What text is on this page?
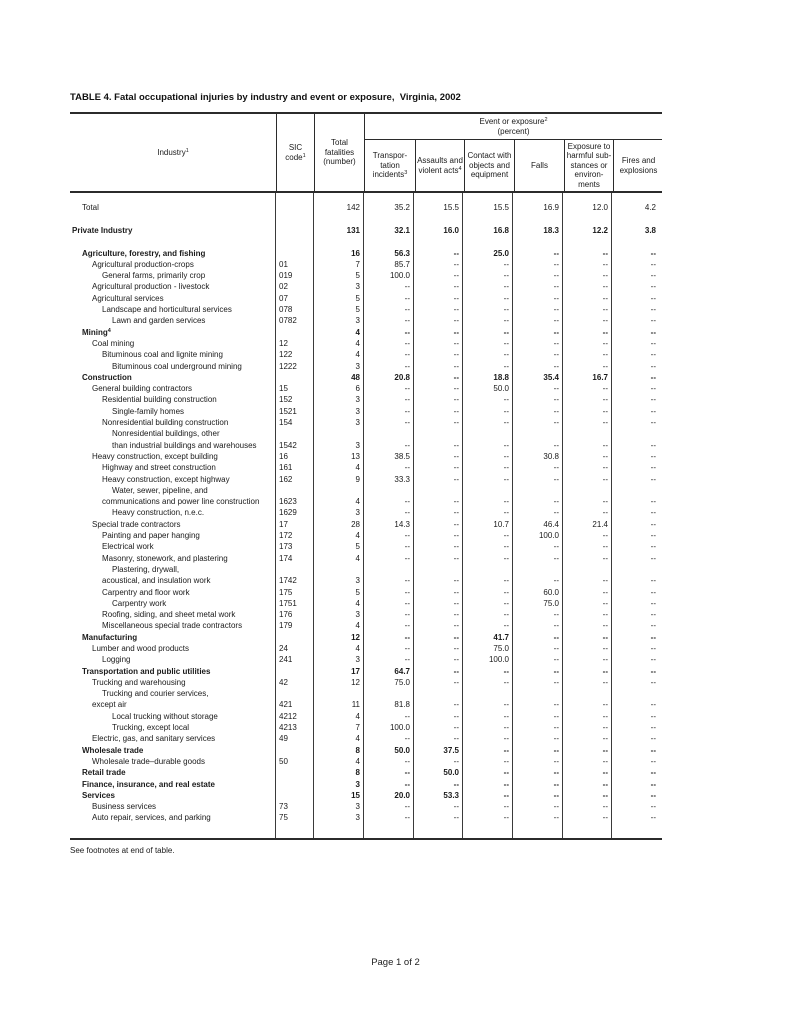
TABLE 4. Fatal occupational injuries by industry and event or exposure,  Virginia, 2002
Industry$^1$	SIC code$^1$
Total fatalities (number)
Event or exposure$^2$
(percent)
Transpor-tation incidents$^3$
Assaults and violent acts$^4$
Contact with objects and equipment
Falls
Exposure to harmful sub-stances or environ-ments
Fires and explosions
Total	142	35.2	15.5	15.5	16.9	12.0	4.2
Private Industry	131	32.1	16.0	16.8	18.3	12.2	3.8
Agriculture, forestry, and fishing	16	56.3	--	25.0	--	--	--
Agricultural production-crops	01	7	85.7	--	--	--	--	--
General farms, primarily crop	019	5	100.0	--	--	--	--	--
Agricultural production - livestock	02	3	--	--	--	--	--	--
Agricultural services	07	5	--	--	--	--	--	--
Landscape and horticultural services	078	5	--	--	--	--	--	--
Lawn and garden services	0782	3	--	--	--	--	--	--
Mining$^4$	4	--	--	--	--	--	--
Coal mining	12	4	--	--	--	--	--	--
Bituminous coal and lignite mining	122	4	--	--	--	--	--	--
Bituminous coal underground mining	1222	3	--	--	--	--	--	--
Construction	48	20.8	--	18.8	35.4	16.7	--
General building contractors	15	6	--	--	50.0	--	--	--
Residential building construction	152	3	--	--	--	--	--	--
Single-family homes	1521	3	--	--	--	--	--	--
Nonresidential building construction	154	3	--	--	--	--	--	--
Nonresidential buildings, other
than industrial buildings and warehouses	1542	3	--	--	--	--	--	--
Heavy construction, except building	16	13	38.5	--	--	30.8	--	--
Highway and street construction	161	4	--	--	--	--	--	--
Heavy construction, except highway	162	9	33.3	--	--	--	--	--
Water, sewer, pipeline, and
communications and power line construction	1623	4	--	--	--	--	--	--
Heavy construction, n.e.c.	1629	3	--	--	--	--	--	--
Special trade contractors	17	28	14.3	--	10.7	46.4	21.4	--
Painting and paper hanging	172	4	--	--	--	100.0	--	--
Electrical work	173	5	--	--	--	--	--	--
Masonry, stonework, and plastering	174	4	--	--	--	--	--	--
Plastering, drywall,
acoustical, and insulation work	1742	3	--	--	--	--	--	--
Carpentry and floor work	175	5	--	--	--	60.0	--	--
Carpentry work	1751	4	--	--	--	75.0	--	--
Roofing, siding, and sheet metal work	176	3	--	--	--	--	--	--
Miscellaneous special trade contractors	179	4	--	--	--	--	--	--
Manufacturing	12	--	--	41.7	--	--	--
Lumber and wood products	24	4	--	--	75.0	--	--	--
Logging	241	3	--	--	100.0	--	--	--
Transportation and public utilities	17	64.7	--	--	--	--	--
Trucking and warehousing	42	12	75.0	--	--	--	--	--
Trucking and courier services,
except air	421	11	81.8	--	--	--	--	--
Local trucking without storage	4212	4	--	--	--	--	--	--
Trucking, except local	4213	7	100.0	--	--	--	--	--
Electric, gas, and sanitary services	49	4	--	--	--	--	--	--
Wholesale trade	8	50.0	37.5	--	--	--	--
Wholesale trade–durable goods	50	4	--	--	--	--	--	--
Retail trade	8	--	50.0	--	--	--	--
Finance, insurance, and real estate	3	--	--	--	--	--	--
Services	15	20.0	53.3	--	--	--	--
Business services	73	3	--	--	--	--	--	--
Auto repair, services, and parking	75	3	--	--	--	--	--	--
See footnotes at end of table.
Page 1 of 2
